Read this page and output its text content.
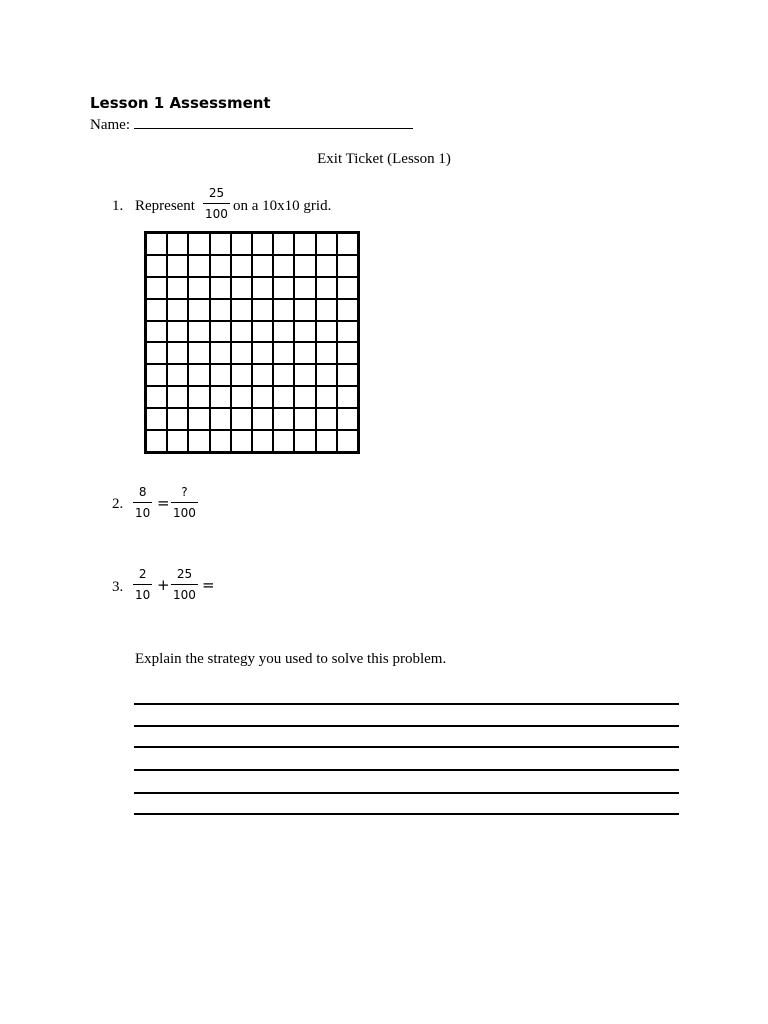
Lesson 1 Assessment
Name:
Exit Ticket (Lesson 1)
1. Represent
25
100 on a 10x10 grid.
2.
8
10
=
?
100
3.
2
10
+
25
100
=
Explain the strategy you used to solve this problem.
